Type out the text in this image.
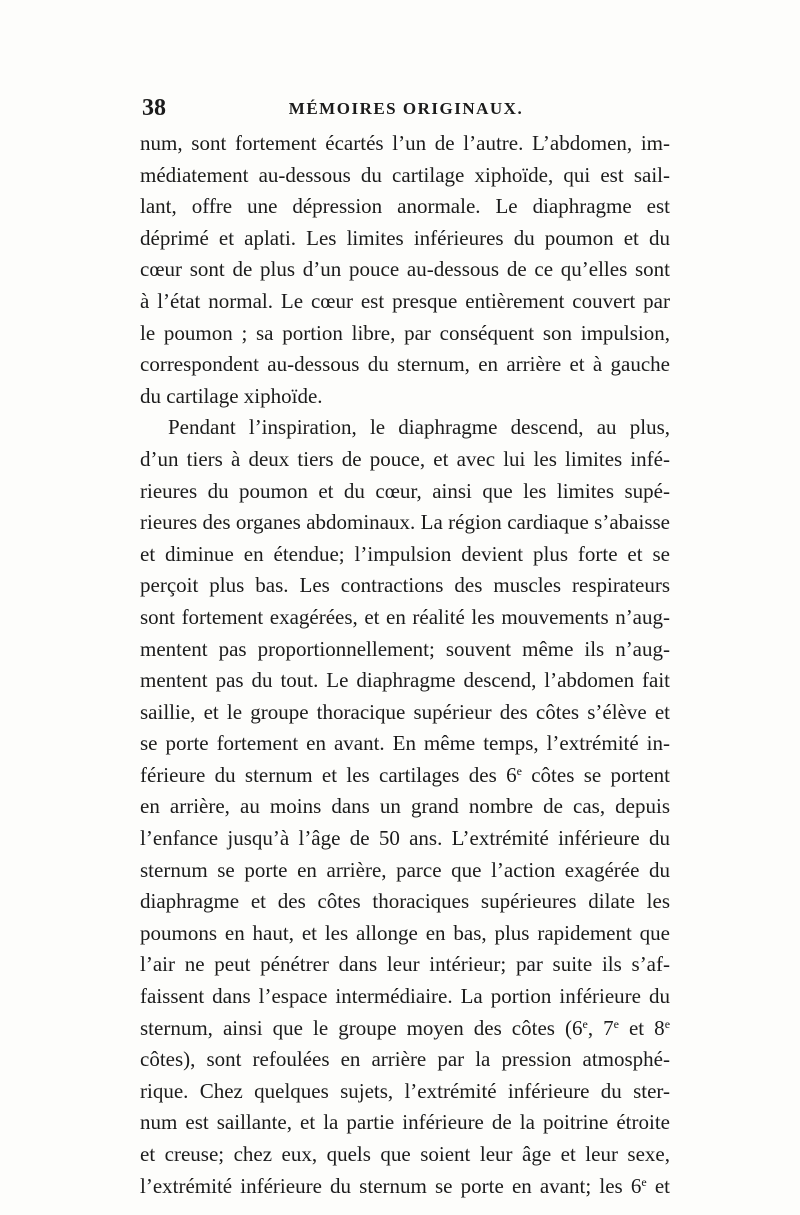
38	MÉMOIRES ORIGINAUX.
num, sont fortement écartés l’un de l’autre. L’abdomen, im-
médiatement au-dessous du cartilage xiphoïde, qui est sail-
lant, offre une dépression anormale. Le diaphragme est
déprimé et aplati. Les limites inférieures du poumon et du
cœur sont de plus d’un pouce au-dessous de ce qu’elles sont
à l’état normal. Le cœur est presque entièrement couvert par
le poumon ; sa portion libre, par conséquent son impulsion,
correspondent au-dessous du sternum, en arrière et à gauche
du cartilage xiphoïde.
Pendant l’inspiration, le diaphragme descend, au plus,
d’un tiers à deux tiers de pouce, et avec lui les limites infé-
rieures du poumon et du cœur, ainsi que les limites supé-
rieures des organes abdominaux. La région cardiaque s’abaisse
et diminue en étendue; l’impulsion devient plus forte et se
perçoit plus bas. Les contractions des muscles respirateurs
sont fortement exagérées, et en réalité les mouvements n’aug-
mentent pas proportionnellement; souvent même ils n’aug-
mentent pas du tout. Le diaphragme descend, l’abdomen fait
saillie, et le groupe thoracique supérieur des côtes s’élève et
se porte fortement en avant. En même temps, l’extrémité in-
férieure du sternum et les cartilages des 6e côtes se portent
en arrière, au moins dans un grand nombre de cas, depuis
l’enfance jusqu’à l’âge de 50 ans. L’extrémité inférieure du
sternum se porte en arrière, parce que l’action exagérée du
diaphragme et des côtes thoraciques supérieures dilate les
poumons en haut, et les allonge en bas, plus rapidement que
l’air ne peut pénétrer dans leur intérieur; par suite ils s’af-
faissent dans l’espace intermédiaire. La portion inférieure du
sternum, ainsi que le groupe moyen des côtes (6e, 7e et 8e
côtes), sont refoulées en arrière par la pression atmosphé-
rique. Chez quelques sujets, l’extrémité inférieure du ster-
num est saillante, et la partie inférieure de la poitrine étroite
et creuse; chez eux, quels que soient leur âge et leur sexe,
l’extrémité inférieure du sternum se porte en avant; les 6e et
